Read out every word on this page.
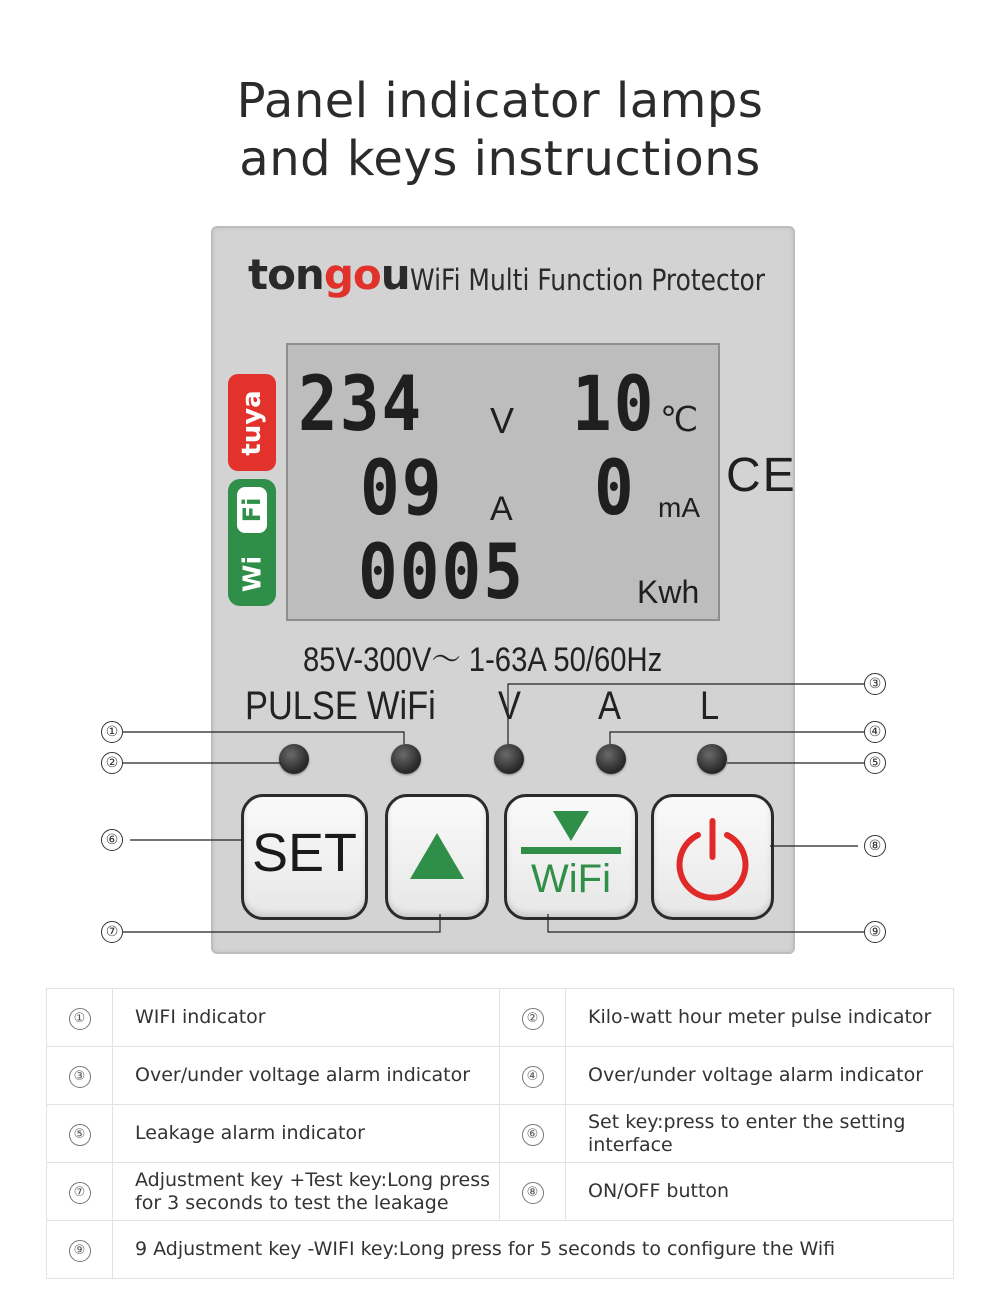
Panel indicator lamps
and keys instructions
tongou WiFi Multi Function Protector
tuya
Fi
Wi
234 V 10 ℃
09 A 0 mA
0005	Kwh
CE
85V-300V～ 1-63A 50/60Hz
PULSE WiFi V A L
SET	WiFi
①
②
③
④
⑤
⑥
⑦
⑧
⑨
①	WIFI indicator	②	Kilo-watt hour meter pulse indicator
③	Over/under voltage alarm indicator	④	Over/under voltage alarm indicator
⑤	Leakage alarm indicator	⑥	Set key:press to enter the setting interface
⑦	Adjustment key +Test key:Long press for 3 seconds to test the leakage	⑧	ON/OFF button
⑨	9 Adjustment key -WIFI key:Long press for 5 seconds to configure the Wifi		
